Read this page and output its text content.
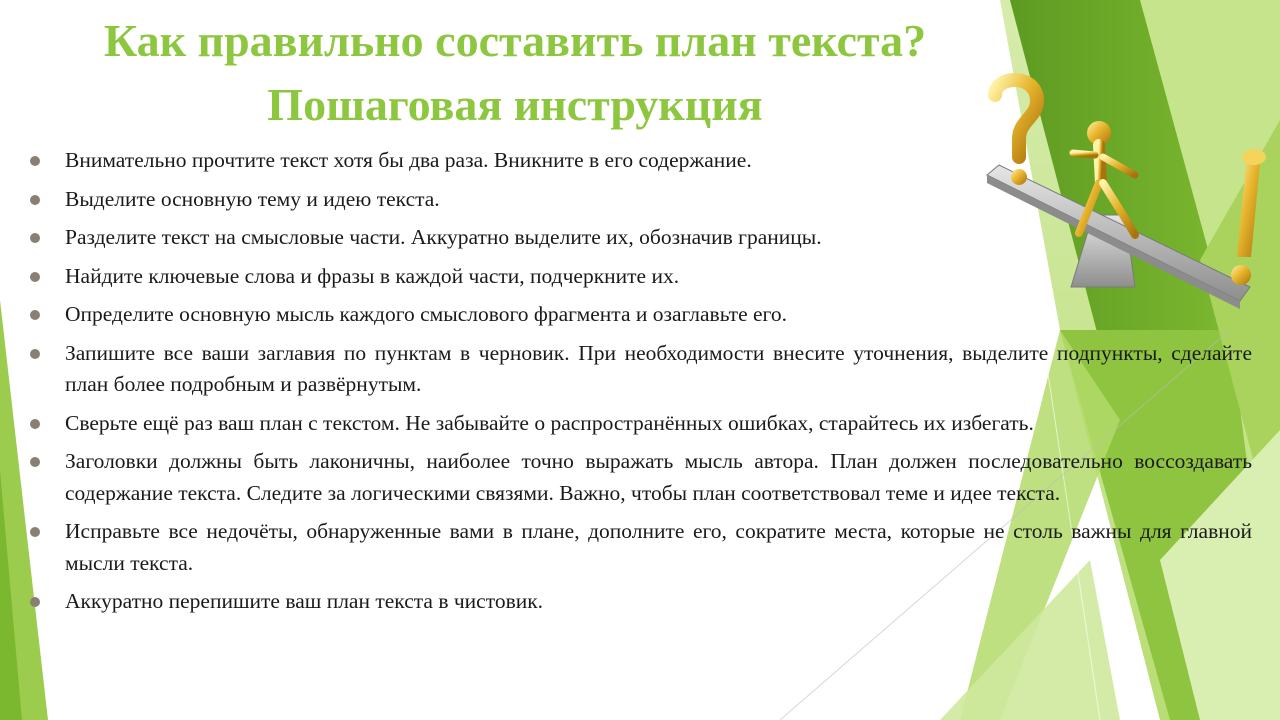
Как правильно составить план текста?
Пошаговая инструкция
Внимательно прочтите текст хотя бы два раза. Вникните в его содержание.
Выделите основную тему и идею текста.
Разделите текст на смысловые части. Аккуратно выделите их, обозначив границы.
Найдите ключевые слова и фразы в каждой части, подчеркните их.
Определите основную мысль каждого смыслового фрагмента и озаглавьте его.
Запишите все ваши заглавия по пунктам в черновик. При необходимости внесите уточнения, выделите подпункты, сделайте план более подробным и развёрнутым.
Сверьте ещё раз ваш план с текстом. Не забывайте о распространённых ошибках, старайтесь их избегать.
Заголовки должны быть лаконичны, наиболее точно выражать мысль автора. План должен последовательно воссоздавать содержание текста. Следите за логическими связями. Важно, чтобы план соответствовал теме и идее текста.
Исправьте все недочёты, обнаруженные вами в плане, дополните его, сократите места, которые не столь важны для главной мысли текста.
Аккуратно перепишите ваш план текста в чистовик.
